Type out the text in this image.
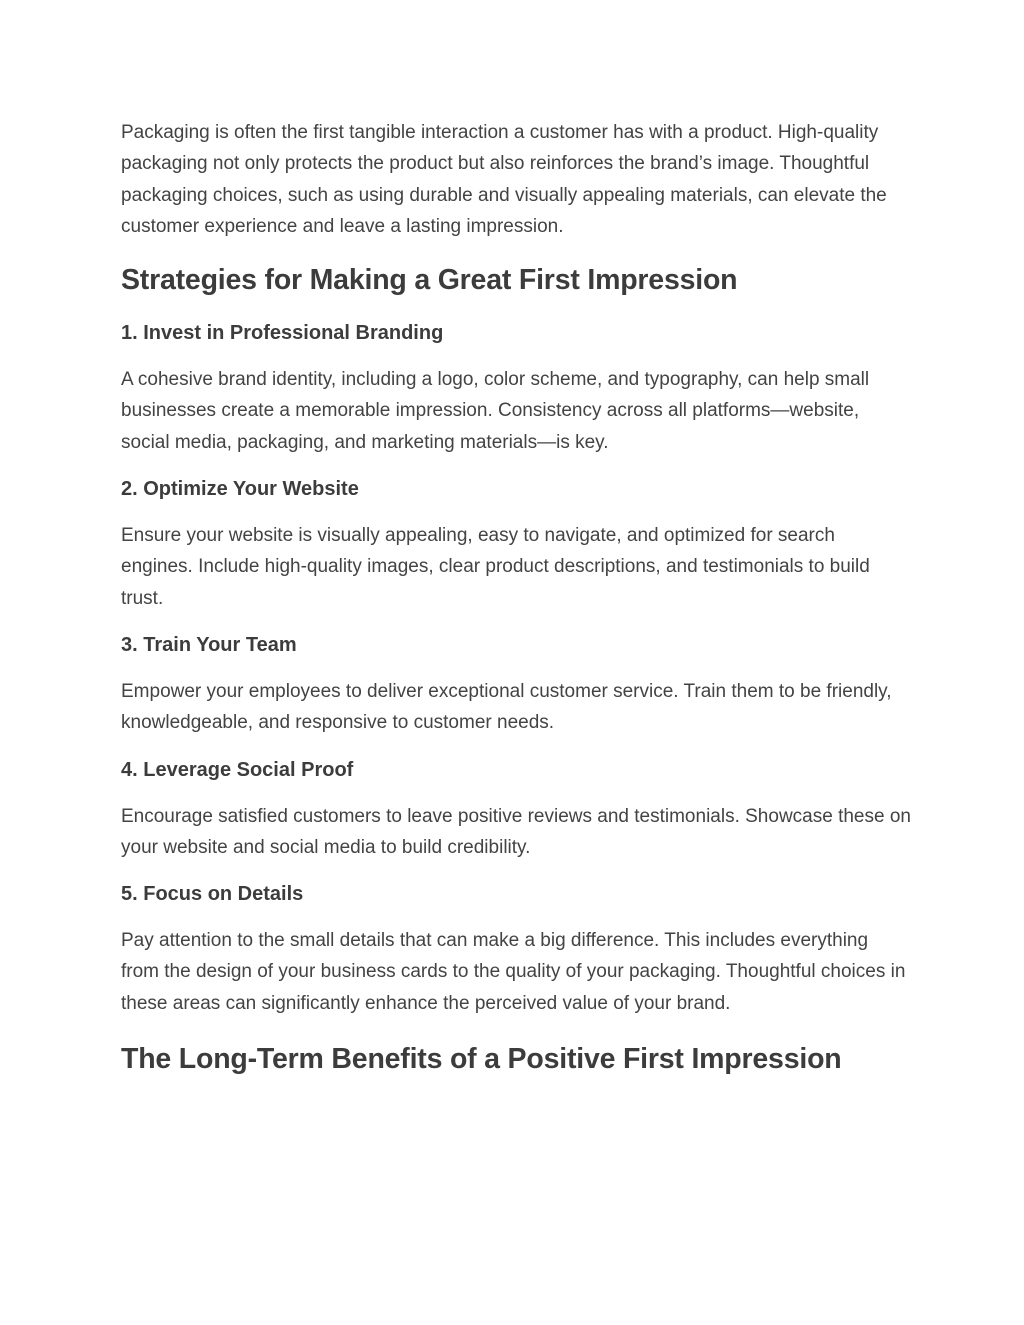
Packaging is often the first tangible interaction a customer has with a product. High-quality packaging not only protects the product but also reinforces the brand’s image. Thoughtful packaging choices, such as using durable and visually appealing materials, can elevate the customer experience and leave a lasting impression.

Strategies for Making a Great First Impression
1. Invest in Professional Branding

A cohesive brand identity, including a logo, color scheme, and typography, can help small businesses create a memorable impression. Consistency across all platforms—website, social media, packaging, and marketing materials—is key.

2. Optimize Your Website

Ensure your website is visually appealing, easy to navigate, and optimized for search engines. Include high-quality images, clear product descriptions, and testimonials to build trust.

3. Train Your Team

Empower your employees to deliver exceptional customer service. Train them to be friendly, knowledgeable, and responsive to customer needs.

4. Leverage Social Proof

Encourage satisfied customers to leave positive reviews and testimonials. Showcase these on your website and social media to build credibility.

5. Focus on Details

Pay attention to the small details that can make a big difference. This includes everything from the design of your business cards to the quality of your packaging. Thoughtful choices in these areas can significantly enhance the perceived value of your brand.

The Long-Term Benefits of a Positive First Impression
